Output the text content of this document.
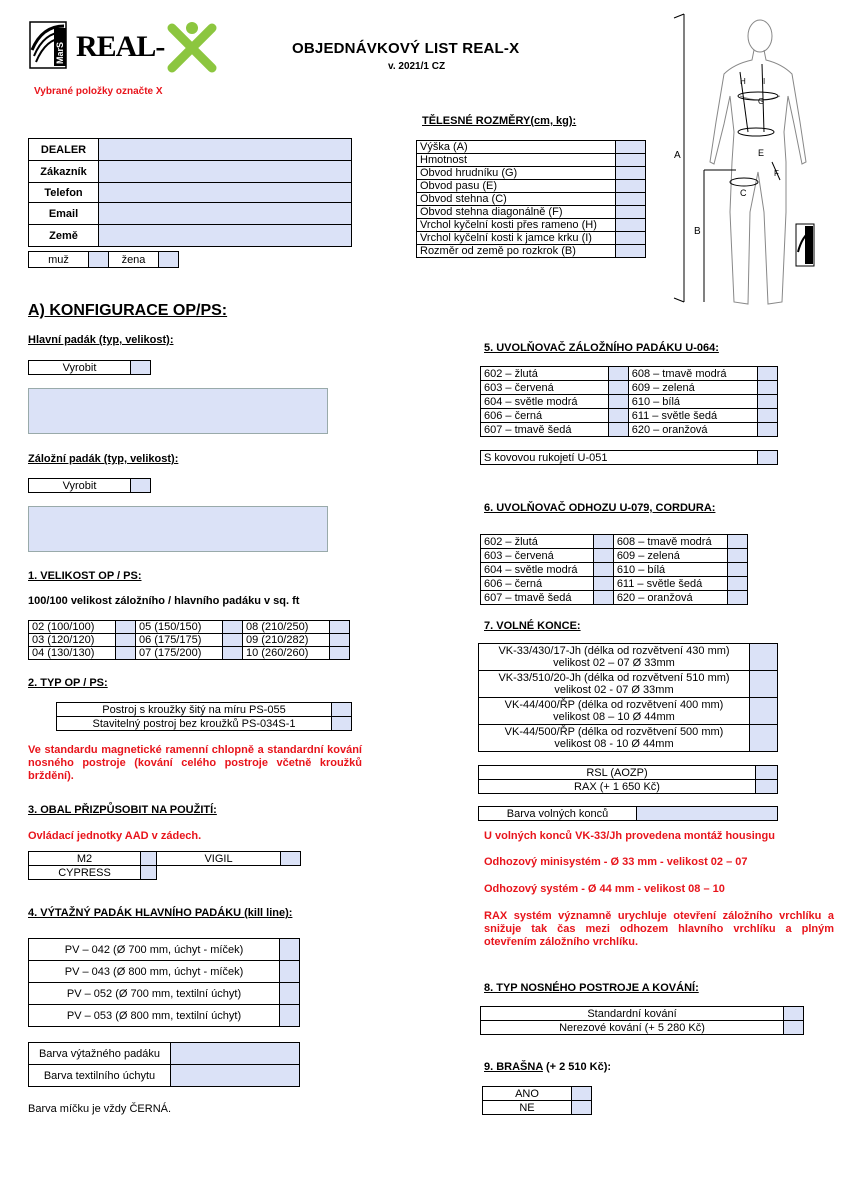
MarS REAL-	OBJEDNÁVKOVÝ LIST REAL-X
v. 2021/1 CZ
Vybrané položky označte X
DEALER	
Zákazník	
Telefon	
Email	
Země	
muž		žena	
TĚLESNÉ ROZMĚRY(cm, kg):
Výška (A)	
Hmotnost	
Obvod hrudníku (G)	
Obvod pasu (E)	
Obvod stehna (C)	
Obvod stehna diagonálně (F)	
Vrchol kyčelní kosti přes rameno (H)	
Vrchol kyčelní kosti k jamce krku (I)	
Rozměr od země po rozkrok (B)	
A
B
C
E
F
G
H I
A) KONFIGURACE OP/PS:
Hlavní padák (typ, velikost):
Vyrobit	
Záložní padák (typ, velikost):
Vyrobit	
1. VELIKOST OP / PS:
100/100 velikost záložního / hlavního padáku v sq. ft
02 (100/100)		05 (150/150)		08 (210/250)	
03 (120/120)		06 (175/175)		09 (210/282)	
04 (130/130)		07 (175/200)		10 (260/260)	
2. TYP OP / PS:
Postroj s kroužky šitý na míru PS-055	
Stavitelný postroj bez kroužků PS-034S-1	
Ve standardu magnetické ramenní chlopně a standardní kování nosného postroje (kování celého postroje včetně kroužků brždění).
3. OBAL PŘIZPŮSOBIT NA POUŽITÍ:
Ovládací jednotky AAD v zádech.
M2		VIGIL	
CYPRESS			
4. VÝTAŽNÝ PADÁK HLAVNÍHO PADÁKU (kill line):
PV – 042 (Ø 700 mm, úchyt - míček)	
PV – 043 (Ø 800 mm, úchyt - míček)	
PV – 052 (Ø 700 mm, textilní úchyt)	
PV – 053 (Ø 800 mm, textilní úchyt)	
Barva výtažného padáku	
Barva textilního úchytu	
Barva míčku je vždy ČERNÁ.
5. UVOLŇOVAČ ZÁLOŽNÍHO PADÁKU U-064:
602 – žlutá		608 – tmavě modrá	
603 – červená		609 – zelená	
604 – světle modrá		610 – bílá	
606 – černá		611 – světle šedá	
607 – tmavě šedá		620 – oranžová	
S kovovou rukojetí U-051	
6. UVOLŇOVAČ ODHOZU U-079, CORDURA:
602 – žlutá		608 – tmavě modrá	
603 – červená		609 – zelená	
604 – světle modrá		610 – bílá	
606 – černá		611 – světle šedá	
607 – tmavě šedá		620 – oranžová	
7. VOLNÉ KONCE:
VK-33/430/17-Jh (délka od rozvětvení 430 mm)
velikost 02 – 07 Ø 33mm	
VK-33/510/20-Jh (délka od rozvětvení 510 mm)
velikost 02 - 07 Ø 33mm	
VK-44/400/ŘP (délka od rozvětvení 400 mm)
velikost 08 – 10 Ø 44mm	
VK-44/500/ŘP (délka od rozvětvení 500 mm)
velikost 08 - 10 Ø 44mm	
RSL (AOZP)	
RAX (+ 1 650 Kč)	
Barva volných konců	
U volných konců VK-33/Jh provedena montáž housingu
Odhozový minisystém - Ø 33 mm - velikost 02 – 07
Odhozový systém - Ø 44 mm - velikost 08 – 10
RAX systém významně urychluje otevření záložního vrchlíku a snižuje tak čas mezi odhozem hlavního vrchlíku a plným otevřením záložního vrchlíku.
8. TYP NOSNÉHO POSTROJE A KOVÁNÍ:
Standardní kování	
Nerezové kování (+ 5 280 Kč)	
9. BRAŠNA (+ 2 510 Kč):
ANO	
NE	
